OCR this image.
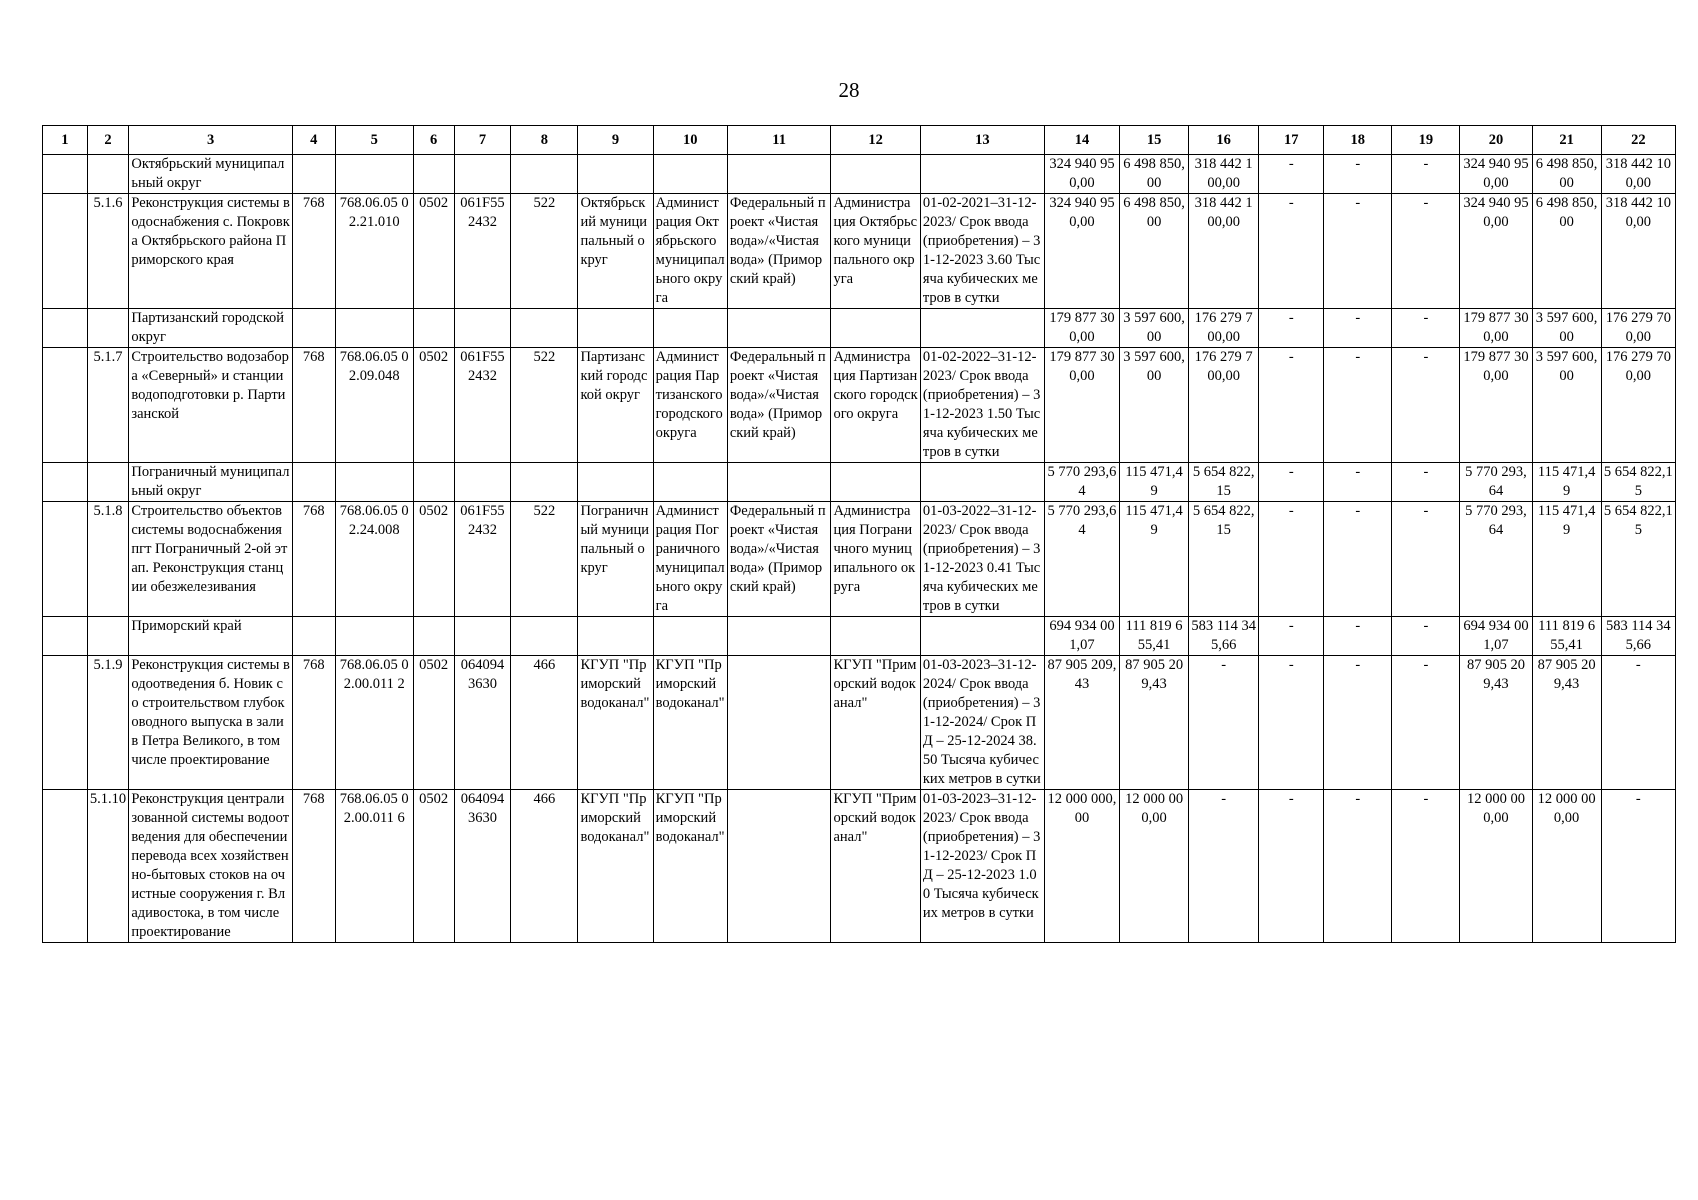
28
1	2	3	4	5	6	7	8	9	10	11	12	13	14	15	16	17	18	19	20	21	22
		Октябрьский муниципальный округ											324 940 950,00	6 498 850,00	318 442 100,00	-	-	-	324 940 950,00	6 498 850,00	318 442 100,00
	5.1.6	Реконструкция системы водоснабжения с. Покровка Октябрьского района Приморского края	768	768.06.05 02.21.010	0502	061F55 2432	522	Октябрьский муниципальный округ	Администрация Октябрьского муниципального округа	Федеральный проект «Чистая вода»/«Чистая вода» (Приморский край)	Администрация Октябрьского муниципального округа	01-02-2021–31-12-2023/ Срок ввода (приобретения) – 31-12-2023 3.60 Тысяча кубических метров в сутки	324 940 950,00	6 498 850,00	318 442 100,00	-	-	-	324 940 950,00	6 498 850,00	318 442 100,00
		Партизанский городской округ											179 877 300,00	3 597 600,00	176 279 700,00	-	-	-	179 877 300,00	3 597 600,00	176 279 700,00
	5.1.7	Строительство водозабора «Северный» и станции водоподготовки р. Партизанской	768	768.06.05 02.09.048	0502	061F55 2432	522	Партизанский городской округ	Администрация Партизанского городского округа	Федеральный проект «Чистая вода»/«Чистая вода» (Приморский край)	Администрация Партизанского городского округа	01-02-2022–31-12-2023/ Срок ввода (приобретения) – 31-12-2023 1.50 Тысяча кубических метров в сутки	179 877 300,00	3 597 600,00	176 279 700,00	-	-	-	179 877 300,00	3 597 600,00	176 279 700,00
		Пограничный муниципальный округ											5 770 293,64	115 471,49	5 654 822,15	-	-	-	5 770 293,64	115 471,49	5 654 822,15
	5.1.8	Строительство объектов системы водоснабжения пгт Пограничный 2-ой этап. Реконструкция станции обезжелезивания	768	768.06.05 02.24.008	0502	061F55 2432	522	Пограничный муниципальный округ	Администрация Пограничного муниципального округа	Федеральный проект «Чистая вода»/«Чистая вода» (Приморский край)	Администрация Пограничного муниципального округа	01-03-2022–31-12-2023/ Срок ввода (приобретения) – 31-12-2023 0.41 Тысяча кубических метров в сутки	5 770 293,64	115 471,49	5 654 822,15	-	-	-	5 770 293,64	115 471,49	5 654 822,15
		Приморский край											694 934 001,07	111 819 655,41	583 114 345,66	-	-	-	694 934 001,07	111 819 655,41	583 114 345,66
	5.1.9	Реконструкция системы водоотведения б. Новик со строительством глубоководного выпуска в залив Петра Великого, в том числе проектирование	768	768.06.05 02.00.011 2	0502	064094 3630	466	КГУП "Приморский водоканал"	КГУП "Приморский водоканал"		КГУП "Приморский водоканал"	01-03-2023–31-12-2024/ Срок ввода (приобретения) – 31-12-2024/ Срок ПД – 25-12-2024 38.50 Тысяча кубических метров в сутки	87 905 209,43	87 905 209,43	-	-	-	-	87 905 209,43	87 905 209,43	-
	5.1.10	Реконструкция централизованной системы водоотведения для обеспечении перевода всех хозяйственно-бытовых стоков на очистные сооружения г. Владивостока, в том числе проектирование	768	768.06.05 02.00.011 6	0502	064094 3630	466	КГУП "Приморский водоканал"	КГУП "Приморский водоканал"		КГУП "Приморский водоканал"	01-03-2023–31-12-2023/ Срок ввода (приобретения) – 31-12-2023/ Срок ПД – 25-12-2023 1.00 Тысяча кубических метров в сутки	12 000 000,00	12 000 000,00	-	-	-	-	12 000 000,00	12 000 000,00	-
